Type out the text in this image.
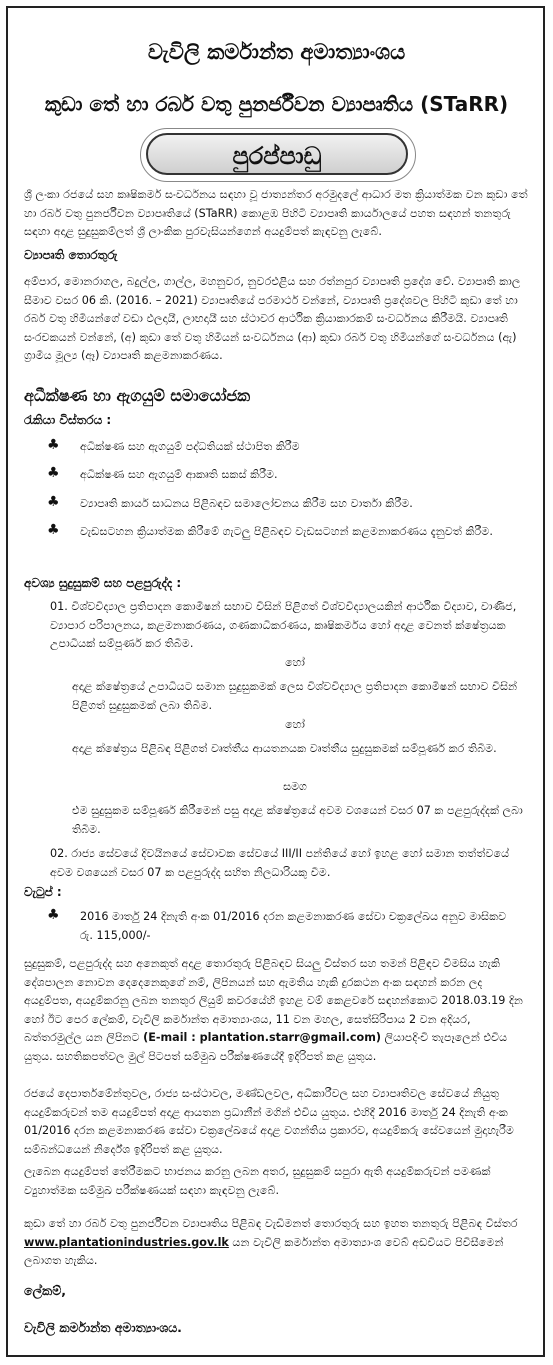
වැවිලි කර්මාන්ත අමාත්‍යාංශය
කුඩා තේ හා රබර් වතු පුනර්ජීවන ව්‍යාපෘතිය (STaRR)
පුරප්පාඩු
ශ්‍රී ලංකා රජයේ සහ කෘෂිකර්ම සංවර්ධනය සඳහා වූ ජාත්‍යන්තර අරමුදලේ ආධාර මත ක්‍රියාත්මක වන කුඩා තේ හා රබර් වතු පුනර්ජීවන ව්‍යාපෘතියේ (STaRR) කොළඹ පිහිටි ව්‍යාපෘති කාර්යාලයේ පහත සඳහන් තනතුරු සඳහා අදාළ සුදුසුකම්ලත් ශ්‍රී ලාංකික පුරවැසියන්ගෙන් අයදුම්පත් කැඳවනු ලැබේ.
ව්‍යාපෘති තොරතුරු
අම්පාර, මොනරාගල, බදුල්ල, ගාල්ල, මහනුවර, නුවරඑළිය සහ රත්නපුර ව්‍යාපෘති ප්‍රදේශ වේ. ව්‍යාපෘති කාල සීමාව වසර 06 කි. (2016. – 2021) ව්‍යාපෘතියේ පරමාර්ථ වන්නේ, ව්‍යාපෘති ප්‍රදේශවල පිහිටි කුඩා තේ හා රබර් වතු හිමියන්ගේ වඩා ඵලදායී, ලාභදායී සහ ස්ථාවර ආර්ථික ක්‍රියාකාරකම් සංවර්ධනය කිරීමයි. ව්‍යාපෘති සංරචකයන් වන්නේ, (අ) කුඩා තේ වතු හිමියන් සංවර්ධනය (ආ) කුඩා රබර් වතු හිමියන්ගේ සංවර්ධනය (ඇ) ග්‍රාමීය මූල්‍ය (ඈ) ව්‍යාපෘති කළමනාකරණය.
අධීක්ෂණ හා ඇගයුම් සමායෝජක
රැකියා විස්තරය :
♣ අධීක්ෂණ සහ ඇගයුම් පද්ධතියක් ස්ථාපිත කිරීම
♣ අධීක්ෂණ සහ ඇගයුම් ආකෘති සකස් කිරීම.
♣ ව්‍යාපෘති කාර්ය සාධනය පිළිබඳව සමාලෝචනය කිරීම සහ වාර්තා කිරීම.
♣ වැඩසටහන ක්‍රියාත්මක කිරීමේ ගැටලු පිළිබඳව වැඩසටහන් කළමනාකරණය දැනුවත් කිරීම.
අවශ්‍ය සුදුසුකම් සහ පළපුරුද්ද :
01. විශ්වවිද්‍යාල ප්‍රතිපාදන කොමිෂන් සභාව විසින් පිළිගත් විශ්වවිද්‍යාලයකින් ආර්ථික විද්‍යාව, වාණිජ, ව්‍යාපාර පරිපාලනය, කළමනාකරණය, ගණකාධිකරණය, කෘෂිකර්මය හෝ අදාළ වෙනත් ක්ෂේත්‍රයක උපාධියක් සම්පූර්ණ කර තිබීම.
හෝ
අදාළ ක්ෂේත්‍රයේ උපාධියට සමාන සුදුසුකමක් ලෙස විශ්වවිද්‍යාල ප්‍රතිපාදන කොමිෂන් සභාව විසින් පිළිගත් සුදුසුකමක් ලබා තිබීම.
හෝ
අදාළ ක්ෂේත්‍රය පිළිබඳ පිළිගත් වෘත්තීය ආයතනයක වෘත්තීය සුදුසුකමක් සම්පූර්ණ කර තිබීම.
සමග
එම සුදුසුකම සම්පූර්ණ කිරීමෙන් පසු අදාළ ක්ෂේත්‍රයේ අවම වශයෙන් වසර 07 ක පළපුරුද්දක් ලබා තිබීම.
02. රාජ්‍ය සේවයේ දිවයිනයේ සේවාවක සේවයේ III/II පන්තියේ හෝ ඉහළ හෝ සමාන තත්ත්වයේ අවම වශයෙන් වසර 07 ක පළපුරුද්ද සහිත නිලධාරියකු වීම.
වැටුප් :
♣ 2016 මාර්තු 24 දිනැති අංක 01/2016 දරන කළමනාකරණ සේවා චක්‍රලේඛය අනුව මාසිකව රු. 115,000/-
සුදුසුකම්, පළපුරුද්ද සහ අනෙකුත් අදාළ තොරතුරු පිළිබඳව සියලු විස්තර සහ තමන් පිළිඳව විමසිය හැකි දේශපාලන නොවන දෙදෙනෙකුගේ නම්, ලිපිනයන් සහ ඇමතිය හැකි දුරකථන අංක සඳහන් කරන ලද අයදුම්පත, අයදුම්කරනු ලබන තනතුර ලියුම් කවරයේහි ඉහළ වම් කෙළවරේ සඳහන්කොට 2018.03.19 දින හෝ ඊට පෙර ලේකම්, වැවිලි කර්මාන්ත අමාත්‍යාංශය, 11 වන මහල, සෙත්සිරිපාය 2 වන අදියර, බත්තරමුල්ල යන ලිපිනට (E-mail : plantation.starr@gmail.com) ලියාපදිංචි තැපෑලෙන් එවිය යුතුය. සහතිකපත්වල මුල් පිටපත් සම්මුඛ පරීක්ෂණයේදී ඉදිරිපත් කළ යුතුය.
රජයේ දෙපාර්තමේන්තුවල, රාජ්‍ය සංස්ථාවල, මණ්ඩලවල, අධිකාරීවල සහ ව්‍යාපෘතිවල සේවයේ නියුතු අයදුම්කරුවන් තම අයදුම්පත් අදාළ ආයතන ප්‍රධානීන් මගින් එවිය යුතුය. එහිදී 2016 මාර්තු 24 දිනැති අංක 01/2016 දරන කළමනාකරණ සේවා චක්‍රලේඛයේ අදාළ වගන්තිය ප්‍රකාරව, අයදුම්කරු සේවයෙන් මුදාහැරීම සම්බන්ධයෙන් නිර්දේශ ඉදිරිපත් කළ යුතුය.
ලැබෙන අයදුම්පත් තේරීමකට භාජනය කරනු ලබන අතර, සුදුසුකම් සපුරා ඇති අයදුම්කරුවන් පමණක් ව්‍යුහාත්මක සම්මුඛ පරීක්ෂණයක් සඳහා කැඳවනු ලැබේ.
කුඩා තේ හා රබර් වතු පුනර්ජීවන ව්‍යාපෘතිය පිළිබඳ වැඩිමනත් තොරතුරු සහ ඉහත තනතුරු පිළිබඳ විස්තර www.plantationindustries.gov.lk යන වැවිලි කර්මාන්ත අමාත්‍යාංශ වෙබ් අඩවියට පිවිසීමෙන් ලබාගත හැකිය.
ලේකම්,
වැවිලි කර්මාන්ත අමාත්‍යාංශය.
